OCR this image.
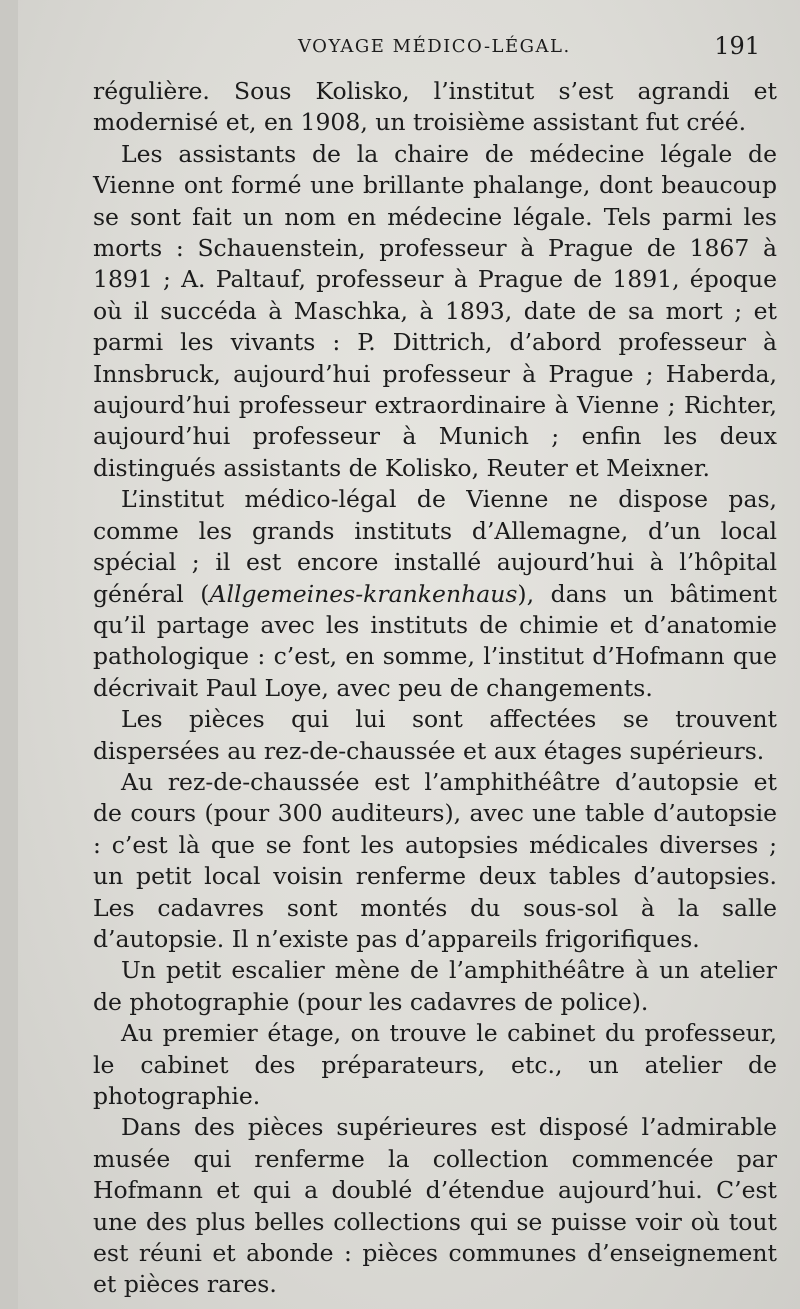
VOYAGE MÉDICO-LÉGAL.	191

régulière. Sous Kolisko, l’institut s’est agrandi et modernisé et, en 1908, un troisième assistant fut créé.

Les assistants de la chaire de médecine légale de Vienne ont formé une brillante phalange, dont beaucoup se sont fait un nom en médecine légale. Tels parmi les morts : Schauenstein, professeur à Prague de 1867 à 1891 ; A. Paltauf, professeur à Prague de 1891, époque où il succéda à Maschka, à 1893, date de sa mort ; et parmi les vivants : P. Dittrich, d’abord professeur à Innsbruck, aujourd’hui professeur à Prague ; Haberda, aujourd’hui professeur extraordinaire à Vienne ; Richter, aujourd’hui professeur à Munich ; enfin les deux distingués assistants de Kolisko, Reuter et Meixner.

L’institut médico-légal de Vienne ne dispose pas, comme les grands instituts d’Allemagne, d’un local spécial ; il est encore installé aujourd’hui à l’hôpital général (Allgemeines-krankenhaus), dans un bâtiment qu’il partage avec les instituts de chimie et d’anatomie pathologique : c’est, en somme, l’institut d’Hofmann que décrivait Paul Loye, avec peu de changements.

Les pièces qui lui sont affectées se trouvent dispersées au rez-de-chaussée et aux étages supérieurs.

Au rez-de-chaussée est l’amphithéâtre d’autopsie et de cours (pour 300 auditeurs), avec une table d’autopsie : c’est là que se font les autopsies médicales diverses ; un petit local voisin renferme deux tables d’autopsies. Les cadavres sont montés du sous-sol à la salle d’autopsie. Il n’existe pas d’appareils frigorifiques.

Un petit escalier mène de l’amphithéâtre à un atelier de photographie (pour les cadavres de police).

Au premier étage, on trouve le cabinet du professeur, le cabinet des préparateurs, etc., un atelier de photographie.

Dans des pièces supérieures est disposé l’admirable musée qui renferme la collection commencée par Hofmann et qui a doublé d’étendue aujourd’hui. C’est une des plus belles collections qui se puisse voir où tout est réuni et abonde : pièces communes d’enseignement et pièces rares.
